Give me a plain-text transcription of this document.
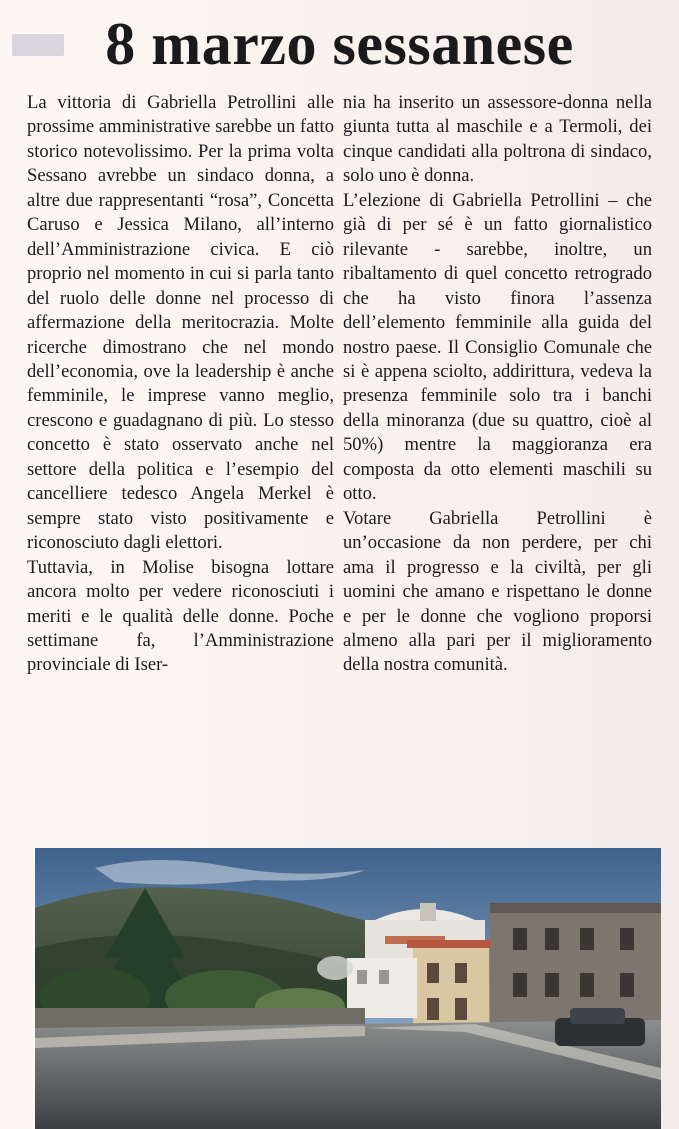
8 marzo sessanese

La vittoria di Gabriella Petrollini alle prossime amministrative sarebbe un fatto storico notevolissimo. Per la prima volta Sessano avrebbe un sindaco donna, a altre due rappresentanti “rosa”, Concetta Caruso e Jessica Milano, all’interno dell’Amministrazione civica. E ciò proprio nel momento in cui si parla tanto del ruolo delle donne nel processo di affermazione della meritocrazia. Molte ricerche dimostrano che nel mondo dell’economia, ove la leadership è anche femminile, le imprese vanno meglio, crescono e guadagnano di più. Lo stesso concetto è stato osservato anche nel settore della politica e l’esempio del cancelliere tedesco Angela Merkel è sempre stato visto positivamente e riconosciuto dagli elettori.

Tuttavia, in Molise bisogna lottare ancora molto per vedere riconosciuti i meriti e le qualità delle donne. Poche settimane fa, l’Amministrazione provinciale di Iser-

nia ha inserito un assessore-donna nella giunta tutta al maschile e a Termoli, dei cinque candidati alla poltrona di sindaco, solo uno è donna.

L’elezione di Gabriella Petrollini – che già di per sé è un fatto giornalistico rilevante - sarebbe, inoltre, un ribaltamento di quel concetto retrogrado che ha visto finora l’assenza dell’elemento femminile alla guida del nostro paese. Il Consiglio Comunale che si è appena sciolto, addirittura, vedeva la presenza femminile solo tra i banchi della minoranza (due su quattro, cioè al 50%) mentre la maggioranza era composta da otto elementi maschili su otto.

Votare Gabriella Petrollini è un’occasione da non perdere, per chi ama il progresso e la civiltà, per gli uomini che amano e rispettano le donne e per le donne che vogliono proporsi almeno alla pari per il miglioramento della nostra comunità.
